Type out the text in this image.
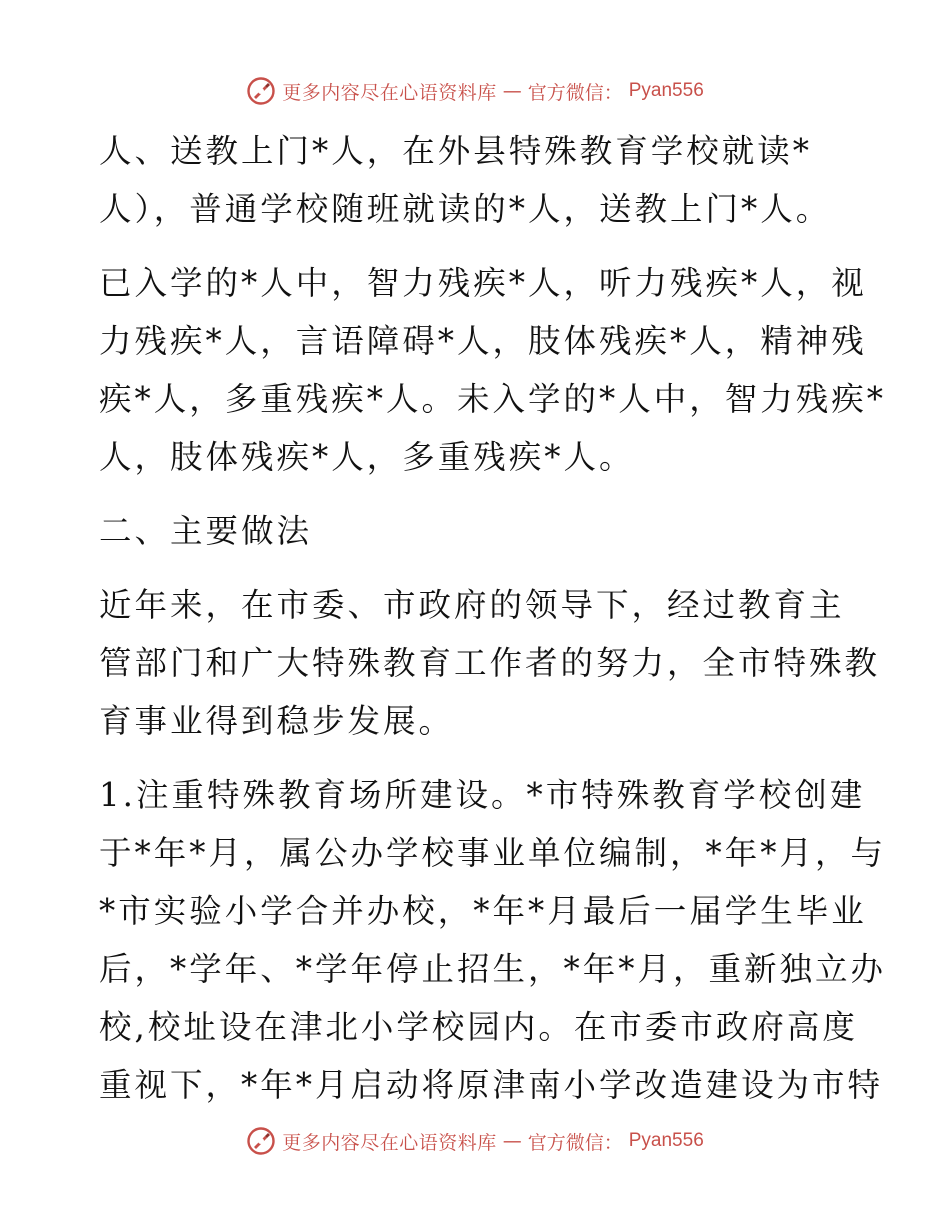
更多内容尽在心语资料库 — 官方微信： Pyan556
人、送教上门*人，在外县特殊教育学校就读*
人），普通学校随班就读的*人，送教上门*人。
已入学的*人中，智力残疾*人，听力残疾*人，视
力残疾*人，言语障碍*人，肢体残疾*人，精神残
疾*人，多重残疾*人。未入学的*人中，智力残疾*
人，肢体残疾*人，多重残疾*人。
二、主要做法
近年来，在市委、市政府的领导下，经过教育主
管部门和广大特殊教育工作者的努力，全市特殊教
育事业得到稳步发展。
1.注重特殊教育场所建设。*市特殊教育学校创建
于*年*月，属公办学校事业单位编制，*年*月，与
*市实验小学合并办校，*年*月最后一届学生毕业
后，*学年、*学年停止招生，*年*月，重新独立办
校,校址设在津北小学校园内。在市委市政府高度
重视下，*年*月启动将原津南小学改造建设为市特
更多内容尽在心语资料库 — 官方微信： Pyan556
